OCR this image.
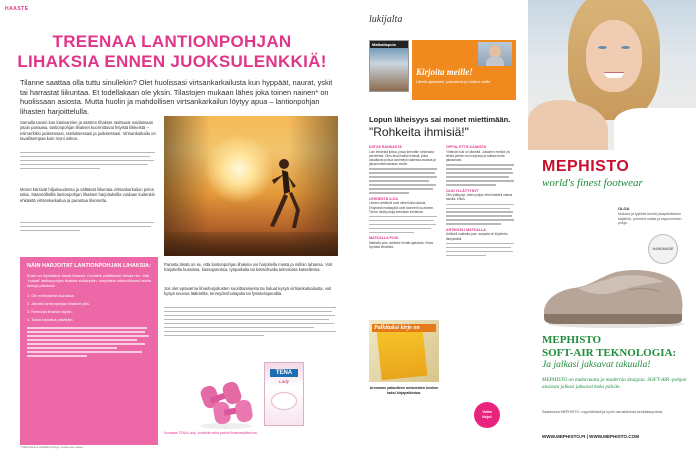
HAASTE
TREENAA LANTIONPOHJAN
LIHAKSIA ENNEN JUOKSULENKKIÄ!
Tilanne saattaa olla tuttu sinullekin? Olet huolissasi virtsankarkailusta kun hyppäät, naurat, yskit tai harrastat liikuntaa. Et todellakaan ole yksin. Tilastojen mukaan lähes joka toinen nainen* on huolissaan asiosta. Mutta huolin ja mahdollisen virtsankarkailun löytyy apua – lantionpohjan lihasten harjoittelulla.
Samalla tavoin kun käsivarsien ja säärten lihakset rasittuvat noidassaan jotain panaasa, lantionpohjan lihakset kuormittuvat fetyistä liikkeistä – esimerkiksi juoksessasi, rasituksessasi ja juoksiessasi. Virtsankarkailu on tavallisempaa kuin moni uskoo.
Monet kärsivät hiljaisuudessa ja välttävät liikuntaa virtsankarkailun pelon takia. Säännöllisillä lantionpohjan lihasten harjoituksilla voidaan kuitenkin ehkäistä virtsankarkailua ja parantaa tilannetta.
NÄIN HARJOITAT LANTIONPOHJAN LIHAKSIA:
Ensin on löydettävä oikeat lihakset. Kuvittele pidättäväsi virtsaa niin, että "nostat" lantionpohjan lihaksia sisäänpäin. Harjoittele säännöllisesti useita kertoja päivässä.
1. Ole melkoisesti rauhassa.
2. Jännitä lantionpohjan lihakset ylös.
3. Rentouta lihakset täysin.
4. Toista harjoitus päivittäin.
*Tutkimustulos sisältää kyselyyn vastanneet naiset.
Parasta läsää on se, että lantionpohjan lihaksia voi harjoitella missä ja milloin tahansa. Voit harjoitella bussissa, kassajonossa, työpaikalla tai kotisohvalla televisiota katsellessa.
Jos olet epävarma lihasharjoitusten suorittamisesta tai haluat kysyä virtsankarkailusta, voit kysyä neuvoa lääkäriltä, terveydenhoitajalta tai fysioterapeutilta.
TENA
Lady
Kuvassa TENA Lady -tuotteita sekä painot lihasharjoitteluun.
lukijalta
Matkallapois
Kirjoita meille!
Lähetä ajatuksesi, palautteesi ja vinkkisi meille.
Lopun läheisyys sai monet miettimään.
"Rohkeita ihmisiä!"
KIITOS RANKASTA
Luin lehdestä juttua, jossa kerrottiin rohkeasta perheestä. Olen aina ihaillut ihmisiä, jotka uskaltavat puhua avoimesti vaikeista asioista ja jakaa kokemuksiaan muille.
LEHDESTÄ ILOA
Lehden artikkelit ovat olleet kiinnostavia. Erityisesti matkajutut ovat tuoneet iloa arkeen. Toivon lisää juttuja kotimaan kohteista.
MATKALLA POIS
Matkalla pois -artikkeli herätti ajatuksia. Kiitos hyvästä lehdestä.
OPPIA, ETTÄ KAIKISTA
Yhteisön tuki on tärkeää. Jokainen meistä voi tehdä pienen teon arjessa ja auttaa muita jaksamaan.
OLIN YLLÄTTYNYT
Olin yllättynyt, miten paljon lehti käsitteli arkisia asioita. Kiitos.
ARTIKKELI MATKALLA
Artikkeli matkalla pois -sarjasta oli kirjoitettu lämpimästi.
Palkituksi kirje on
Arvomme palautteen antaneiden kesken kaksi kirjapalkintoa.
Voita kirja!
MEPHISTO
world's finest footwear
OLGA
Mukava ja tyylikäs kenkä jokapäiväiseen käyttöön, pehmeä nahka ja ergonominen pohja.
HANDMADE
MEPHISTO
SOFT-AIR TEKNOLOGIA:
Ja jalkasi jaksavat takuulla!
MEPHISTO on mukavuutta ja modernia designia. SOFT-AIR -pohjan ansiosta jalkasi jaksavat koko päivän.
Saatavissa MEPHISTO -myymälöistä ja hyvin varustetuista kenkäkaupoista.
WWW.MEPHISTO.FI | WWW.MEPHISTO.COM
